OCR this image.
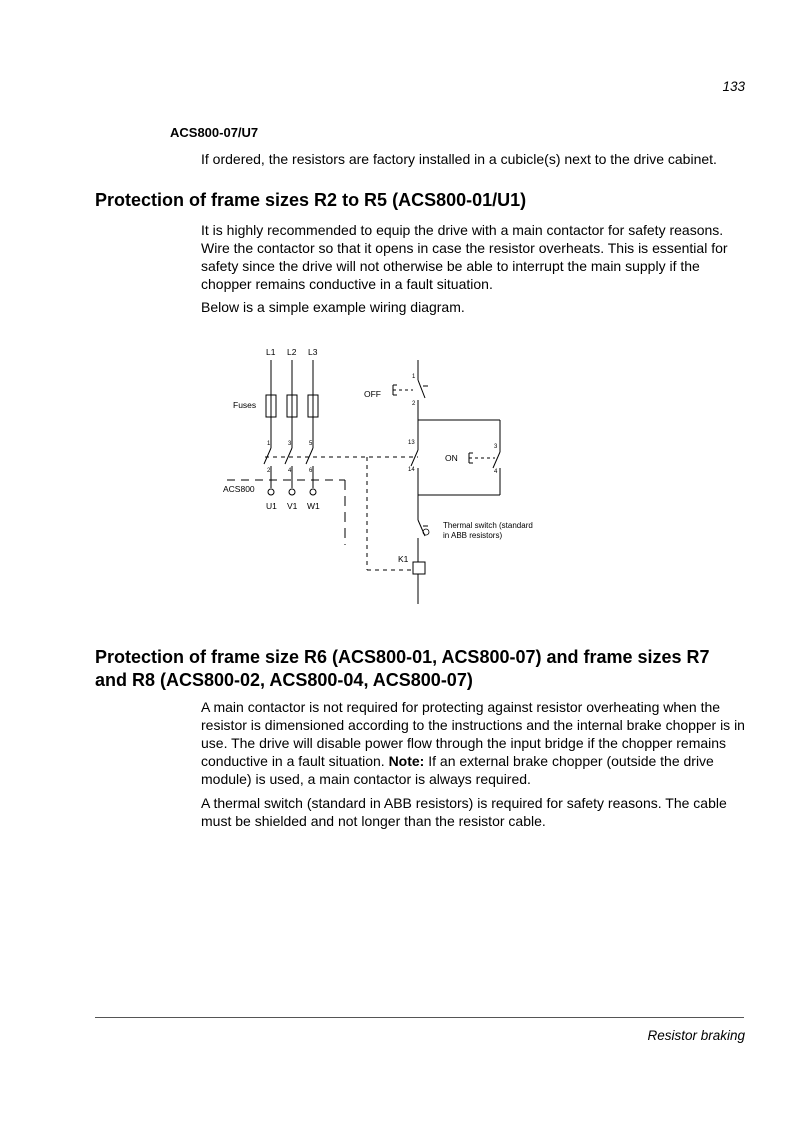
133
ACS800-07/U7
If ordered, the resistors are factory installed in a cubicle(s) next to the drive cabinet.
Protection of frame sizes R2 to R5 (ACS800-01/U1)
It is highly recommended to equip the drive with a main contactor for safety reasons. Wire the contactor so that it opens in case the resistor overheats. This is essential for safety since the drive will not otherwise be able to interrupt the main supply if the chopper remains conductive in a fault situation.
Below is a simple example wiring diagram.
L1 L2 L3
Fuses
ACS800
U1 V1 W1
OFF
ON
Thermal switch (standard
in ABB resistors)
K1
1	3	5
2	4	6
1
2
13
14
3
4
Protection of frame size R6 (ACS800-01, ACS800-07) and frame sizes R7
and R8 (ACS800-02, ACS800-04, ACS800-07)
A main contactor is not required for protecting against resistor overheating when the resistor is dimensioned according to the instructions and the internal brake chopper is in use. The drive will disable power flow through the input bridge if the chopper remains conductive in a fault situation. Note: If an external brake chopper (outside the drive module) is used, a main contactor is always required.
A thermal switch (standard in ABB resistors) is required for safety reasons. The cable must be shielded and not longer than the resistor cable.
Resistor braking
